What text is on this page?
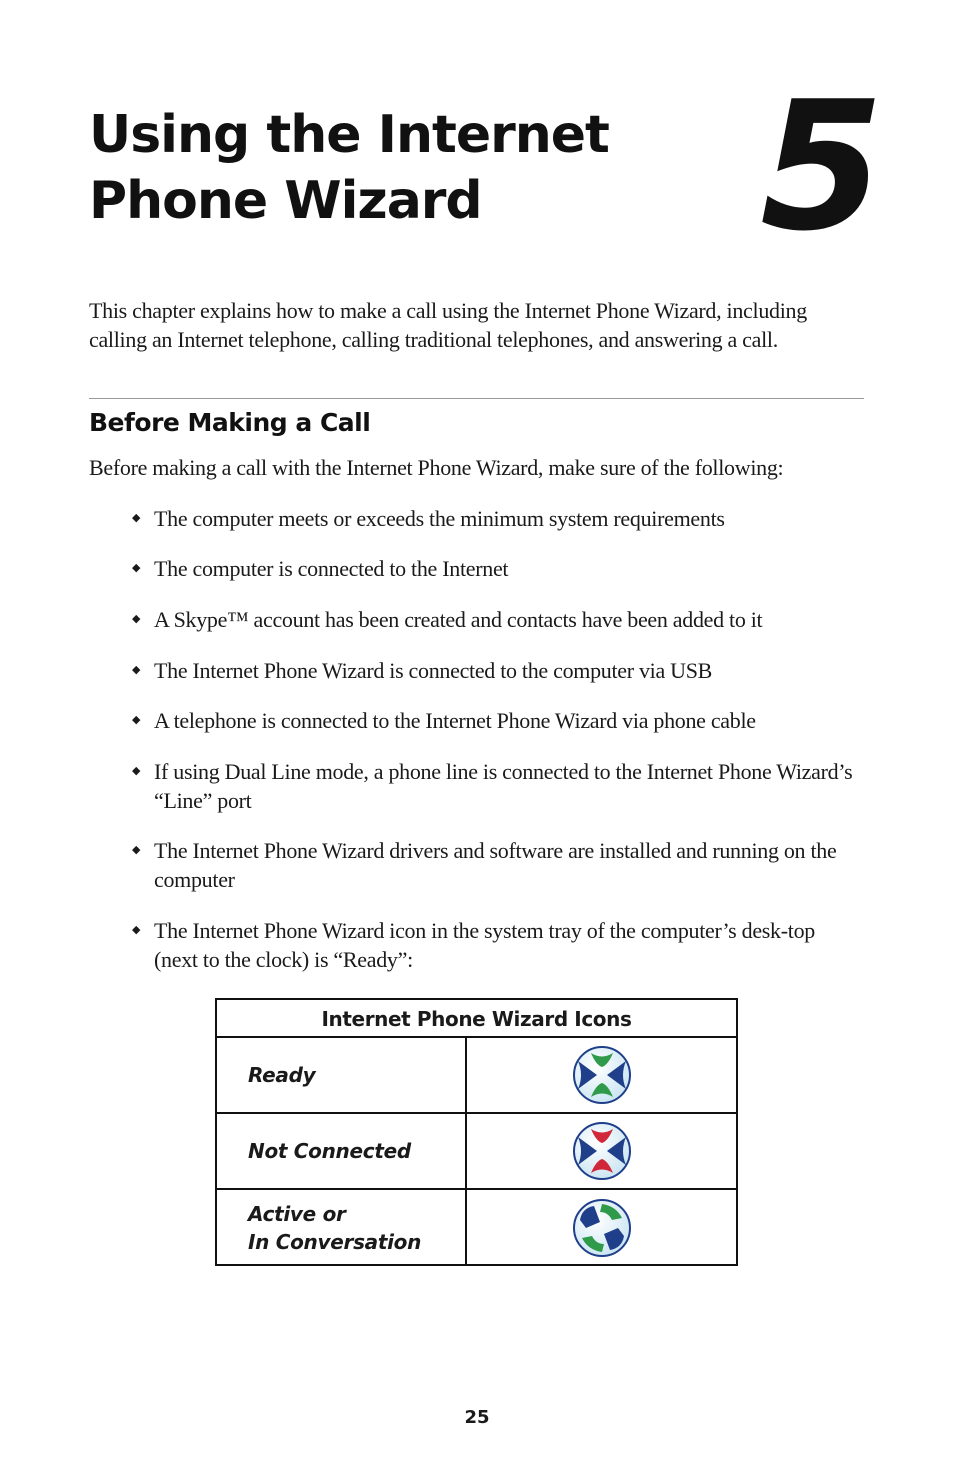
Using the Internet
Phone Wizard	5

This chapter explains how to make a call using the Internet Phone Wizard, including calling an Internet telephone, calling traditional telephones, and answering a call.

Before Making a Call

Before making a call with the Internet Phone Wizard, make sure of the following:

◆ The computer meets or exceeds the minimum system requirements

◆ The computer is connected to the Internet

◆ A Skype™ account has been created and contacts have been added to it

◆ The Internet Phone Wizard is connected to the computer via USB

◆ A telephone is connected to the Internet Phone Wizard via phone cable

◆ If using Dual Line mode, a phone line is connected to the Internet Phone Wizard’s “Line” port

◆ The Internet Phone Wizard drivers and software are installed and running on the computer

◆ The Internet Phone Wizard icon in the system tray of the computer’s desk-top (next to the clock) is “Ready”:

Internet Phone Wizard Icons
Ready
Not Connected
Active or
In Conversation
25
